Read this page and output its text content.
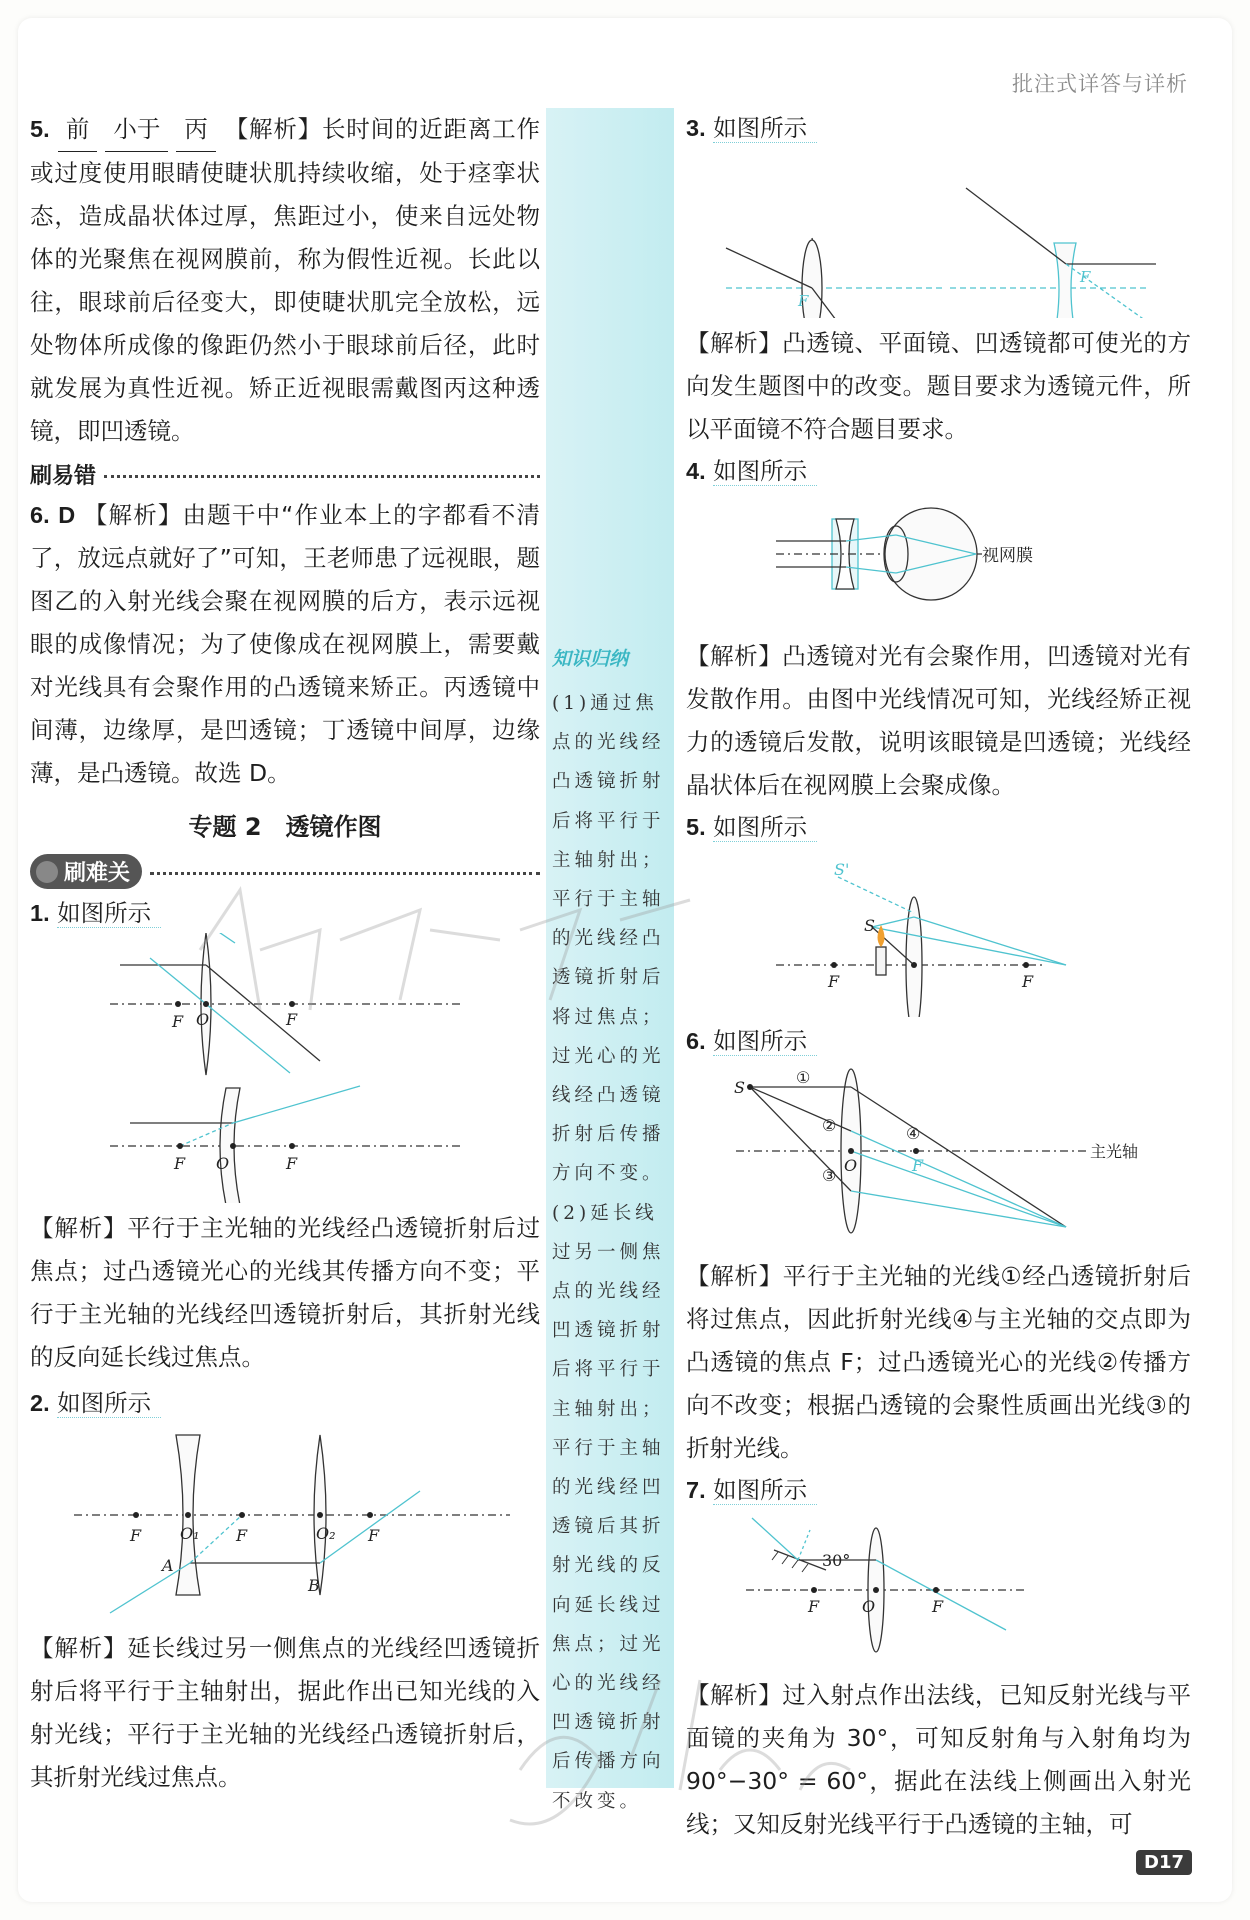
批注式详答与详析
知识归纳
(1)通过焦点的光线经凸透镜折射后将平行于主轴射出；平行于主轴的光线经凸透镜折射后将过焦点；过光心的光线经凸透镜折射后传播方向不变。(2)延长线过另一侧焦点的光线经凹透镜折射后将平行于主轴射出；平行于主轴的光线经凹透镜后其折射光线的反向延长线过焦点；过光心的光线经凹透镜折射后传播方向不改变。

5. 前 小于 丙 【解析】长时间的近距离工作或过度使用眼睛使睫状肌持续收缩，处于痉挛状态，造成晶状体过厚，焦距过小，使来自远处物体的光聚焦在视网膜前，称为假性近视。长此以往，眼球前后径变大，即使睫状肌完全放松，远处物体所成像的像距仍然小于眼球前后径，此时就发展为真性近视。矫正近视眼需戴图丙这种透镜，即凹透镜。

刷易错

6. D 【解析】由题干中“作业本上的字都看不清了，放远点就好了”可知，王老师患了远视眼，题图乙的入射光线会聚在视网膜的后方，表示远视眼的成像情况；为了使像成在视网膜上，需要戴对光线具有会聚作用的凸透镜来矫正。丙透镜中间薄，边缘厚，是凹透镜；丁透镜中间厚，边缘薄，是凸透镜。故选 D。

专题 2　透镜作图
刷难关
1. 如图所示
F O	F
F O	F

【解析】平行于主光轴的光线经凸透镜折射后过焦点；过凸透镜光心的光线其传播方向不变；平行于主光轴的光线经凹透镜折射后，其折射光线的反向延长线过焦点。

2. 如图所示
F O₁ F	O₂ F
A
B

【解析】延长线过另一侧焦点的光线经凹透镜折射后将平行于主轴射出，据此作出已知光线的入射光线；平行于主光轴的光线经凸透镜折射后，其折射光线过焦点。

3. 如图所示
F
F

【解析】凸透镜、平面镜、凹透镜都可使光的方向发生题图中的改变。题目要求为透镜元件，所以平面镜不符合题目要求。

4. 如图所示
视网膜

【解析】凸透镜对光有会聚作用，凹透镜对光有发散作用。由图中光线情况可知，光线经矫正视力的透镜后发散，说明该眼镜是凹透镜；光线经晶状体后在视网膜上会聚成像。

5. 如图所示
F	F
S
S'
6. 如图所示
S
O	F
①
②
③
④
主光轴

【解析】平行于主光轴的光线①经凸透镜折射后将过焦点，因此折射光线④与主光轴的交点即为凸透镜的焦点 F；过凸透镜光心的光线②传播方向不改变；根据凸透镜的会聚性质画出光线③的折射光线。

7. 如图所示
30°
F	O	F

【解析】过入射点作出法线，已知反射光线与平面镜的夹角为 30°，可知反射角与入射角均为 90°−30° = 60°，据此在法线上侧画出入射光线；又知反射光线平行于凸透镜的主轴，可

D17
